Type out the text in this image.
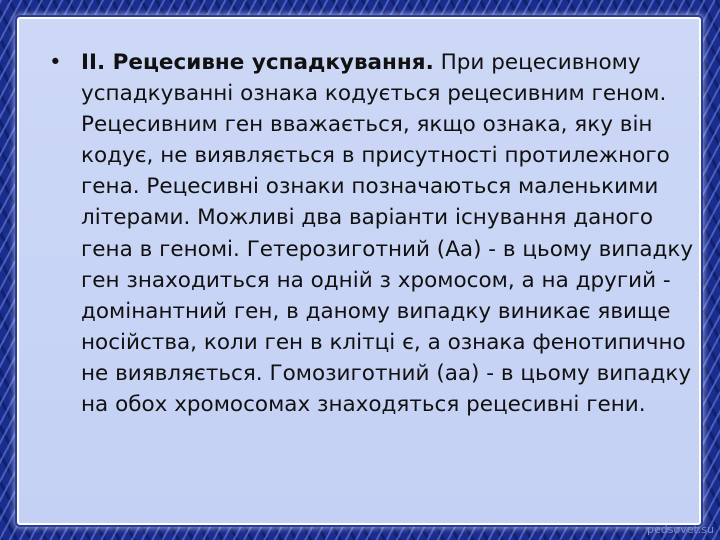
• ІІ. Рецесивне успадкування. При рецесивному успадкуванні ознака кодується рецесивним геном. Рецесивним ген вважається, якщо ознака, яку він кодує, не виявляється в присутності протилежного гена. Рецесивні ознаки позначаються маленькими літерами. Можливі два варіанти існування даного гена в геномі. Гетерозиготний (Аа) - в цьому випадку ген знаходиться на одній з хромосом, а на другий - домінантний ген, в даному випадку виникає явище носійства, коли ген в клітці є, а ознака фенотипично не виявляється. Гомозиготний (аа) - в цьому випадку на обох хромосомах знаходяться рецесивні гени.
pedsovet.su
